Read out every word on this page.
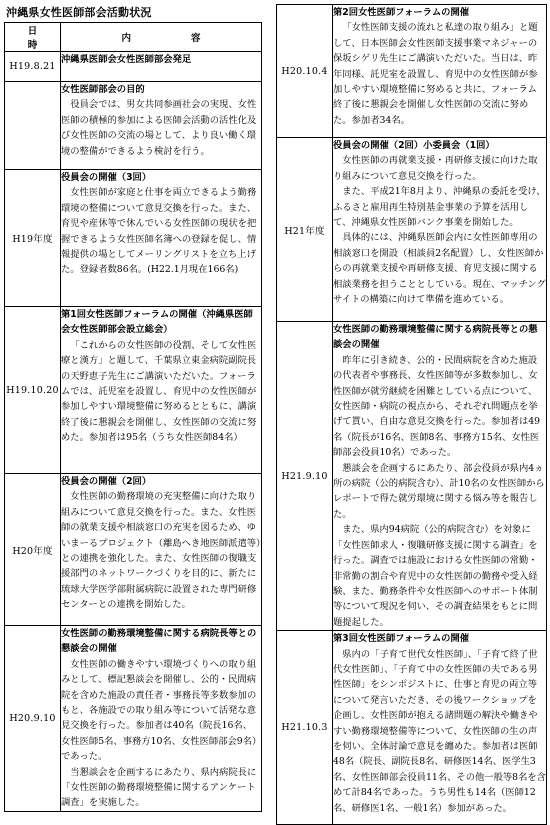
沖縄県女性医師部会活動状況
日時	内容
H19.8.21	沖縄県医師会女性医師部会発足

	女性医師部会の目的
役員会では、男女共同参画社会の実現、女性医師の積極的参加による医師会活動の活性化及び女性医師の交流の場として、より良い働く環境の整備ができるよう検討を行う。

H19年度	役員会の開催（3回）
女性医師が家庭と仕事を両立できるよう勤務環境の整備について意見交換を行った。また、育児や産休等で休んでいる女性医師の現状を把握できるよう女性医師名簿への登録を促し、情報提供の場としてメーリングリストを立ち上げた。登録者数86名。(H22.1月現在166名)

H19.10.20	第1回女性医師フォーラムの開催（沖縄県医師会女性医師部会設立総会）
「これからの女性医師の役割、そして女性医療と漢方」と題して、千葉県立東金病院副院長の天野恵子先生にご講演いただいた。フォーラムでは、託児室を設置し、育児中の女性医師が参加しやすい環境整備に努めるとともに、講演終了後に懇親会を開催し、女性医師の交流に努めた。参加者は95名（うち女性医師84名）

H20年度	役員会の開催（2回）
女性医師の勤務環境の充実整備に向けた取り組みについて意見交換を行った。また、女性医師の就業支援や相談窓口の充実を図るため、ゆいまーるプロジェクト（離島へき地医師派遣等）との連携を強化した。また、女性医師の復職支援部門のネットワークづくりを目的に、新たに琉球大学医学部附属病院に設置された専門研修センターとの連携を開始した。

H20.9.10	女性医師の勤務環境整備に関する病院長等との懇談会の開催
女性医師の働きやすい環境づくりへの取り組みとして、標記懇談会を開催し、公的・民間病院を含めた施設の責任者・事務長等多数参加のもと、各施設での取り組み等について活発な意見交換を行った。参加者は40名（院長16名、女性医師5名、事務方10名、女性医師部会9名）であった。
当懇談会を企画するにあたり、県内病院長に「女性医師の勤務環境整備に関するアンケート調査」を実施した。
H20.10.4	第2回女性医師フォーラムの開催
「女性医師支援の流れと私達の取り組み」と題して、日本医師会女性医師支援事業マネジャーの保坂シゲリ先生にご講演いただいた。当日は、昨年同様、託児室を設置し、育児中の女性医師が参加しやすい環境整備に努めると共に、フォーラム終了後に懇親会を開催し女性医師の交流に努めた。参加者34名。

H21年度	役員会の開催（2回）小委員会（1回）
女性医師の再就業支援・再研修支援に向けた取り組みについて意見交換を行った。
また、平成21年8月より、沖縄県の委託を受け、ふるさと雇用再生特別基金事業の予算を活用して、沖縄県女性医師バンク事業を開始した。
具体的には、沖縄県医師会内に女性医師専用の相談窓口を開設（相談員2名配置）し、女性医師からの再就業支援や再研修支援、育児支援に関する相談業務を担うこととしている。現在、マッチングサイトの構築に向けて準備を進めている。

H21.9.10	女性医師の勤務環境整備に関する病院長等との懇談会の開催
昨年に引き続き、公的・民間病院を含めた施設の代表者や事務長、女性医師等が多数参加し、女性医師が就労継続を困難としている点について、女性医師・病院の視点から、それぞれ問題点を挙げて貰い、自由な意見交換を行った。参加者は49名（院長が16名、医師8名、事務方15名、女性医師部会役員10名）であった。
懇談会を企画するにあたり、部会役員が県内4ヵ所の病院（公的病院含む）、計10名の女性医師からレポートで得た就労環境に関する悩み等を報告した。
また、県内94病院（公的病院含む）を対象に「女性医師求人・復職研修支援に関する調査」を行った。調査では施設における女性医師の常勤・非常勤の割合や育児中の女性医師の勤務や受入経験、また、勤務条件や女性医師へのサポート体制等について現況を伺い、その調査結果をもとに問題提起した。

H21.10.3	第3回女性医師フォーラムの開催
県内の「子育て世代女性医師」、「子育て終了世代女性医師」、「子育て中の女性医師の夫である男性医師」をシンポジストに、仕事と育児の両立等について発言いただき、その後ワークショップを企画し、女性医師が抱える諸問題の解決や働きやすい勤務環境整備等について、女性医師の生の声を伺い、全体討論で意見を纏めた。参加者は医師48名（院長、副院長8名、研修医14名、医学生3名、女性医師部会役員11名、その他一般等8名を含めて計84名であった。うち男性も14名（医師12名、研修医1名、一般1名）参加があった。
